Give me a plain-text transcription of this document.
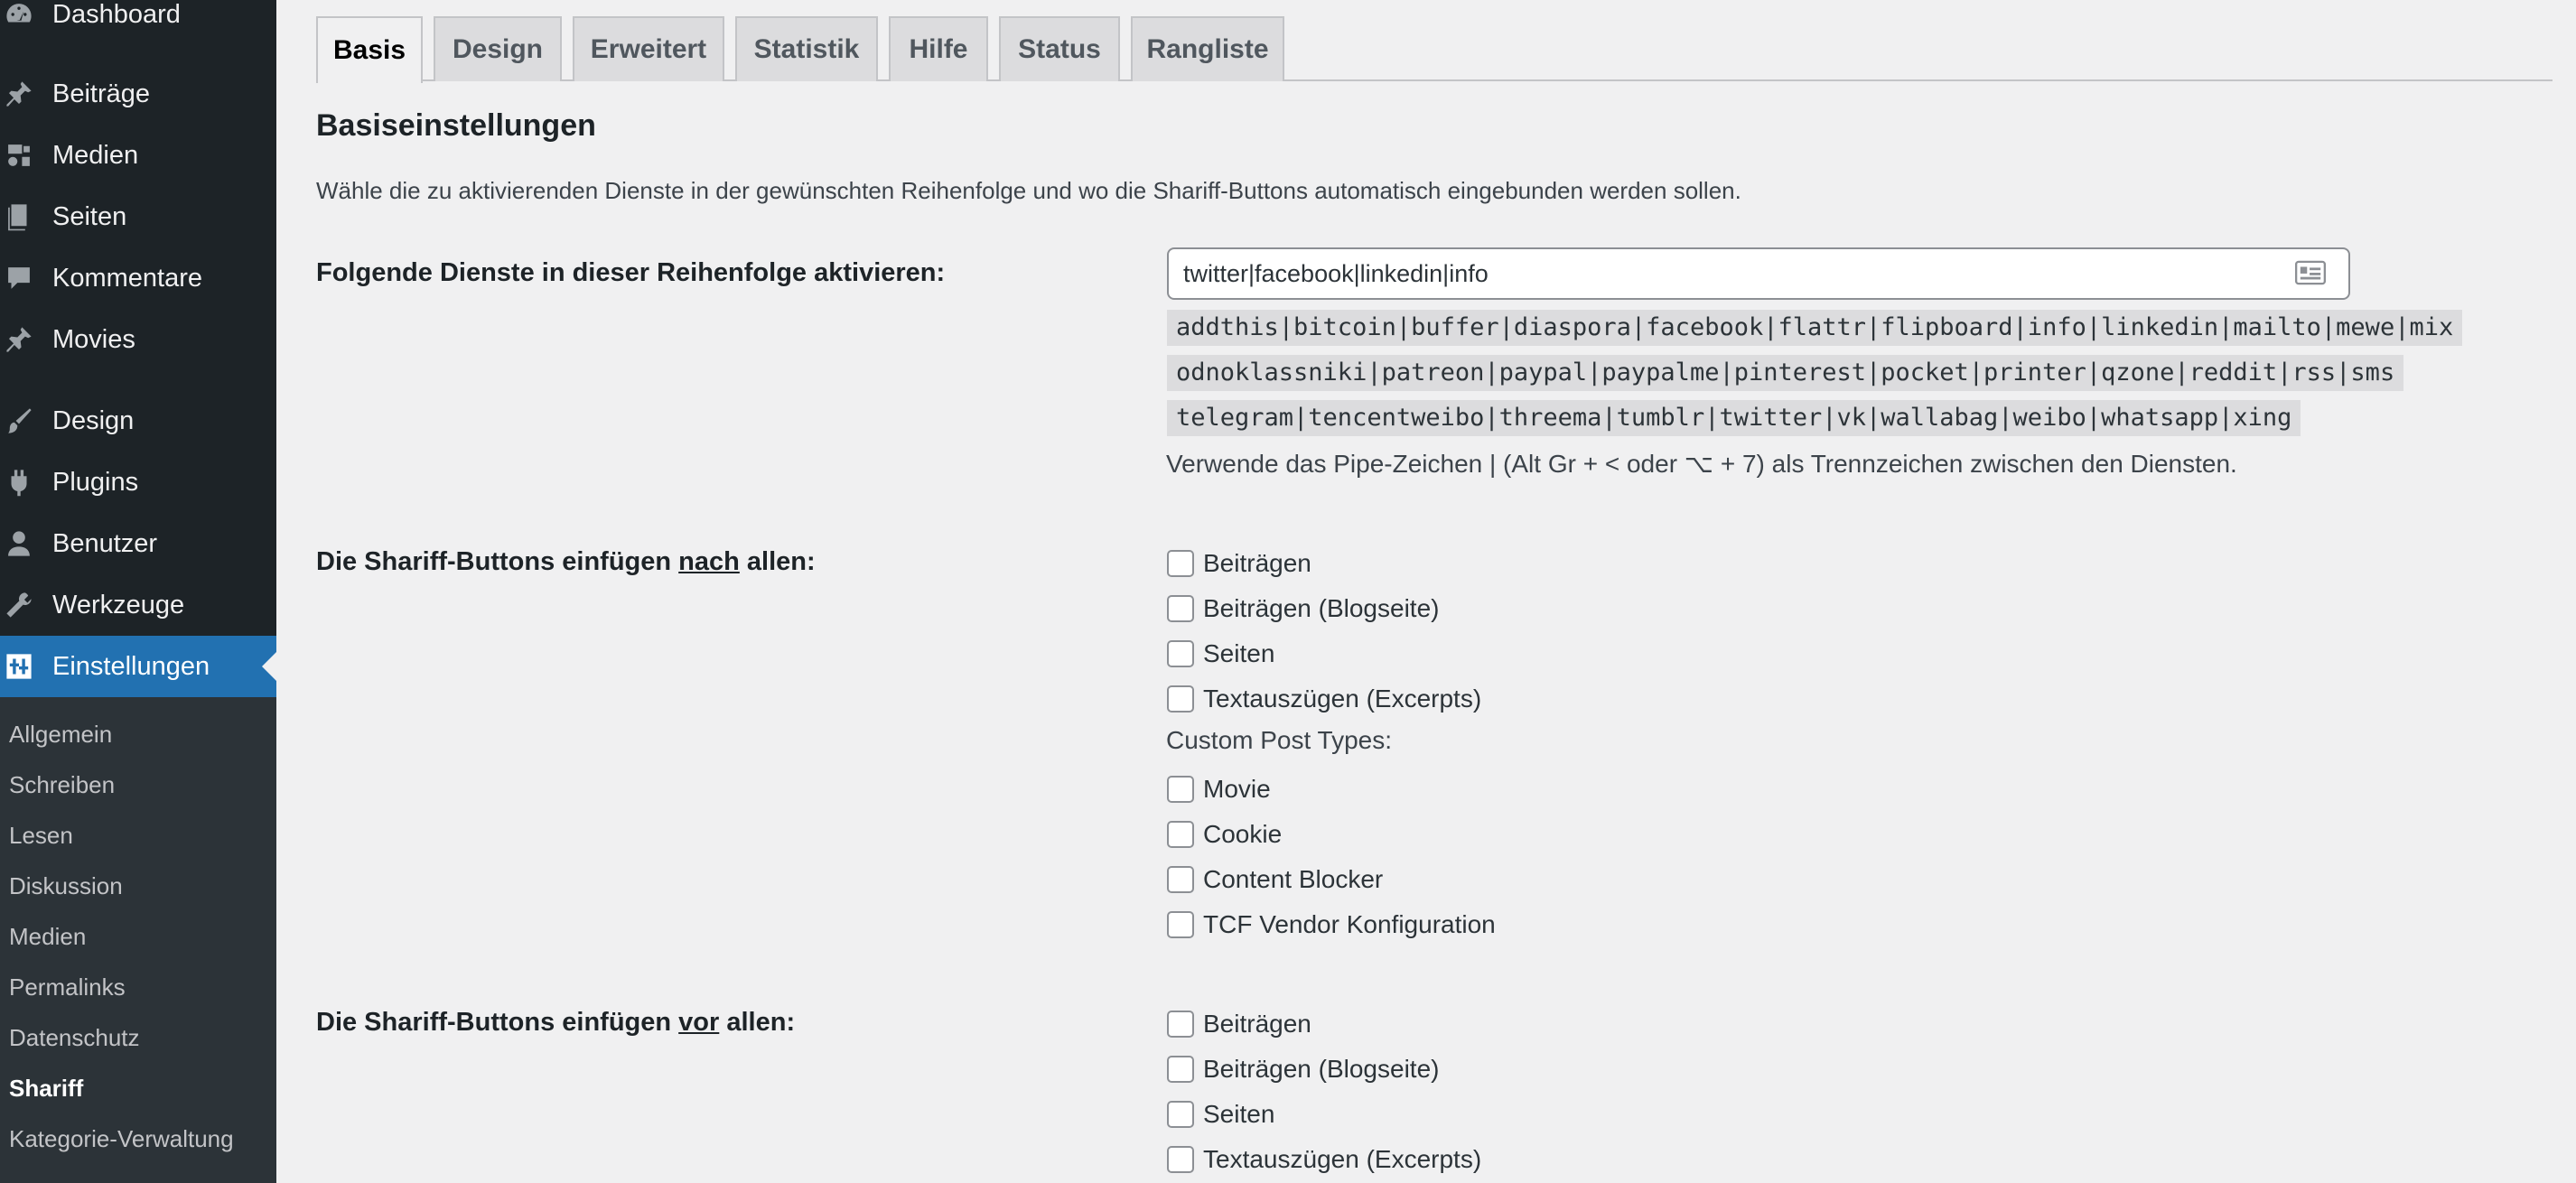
Dashboard
Beiträge
Medien
Seiten
Kommentare
Movies
Design
Plugins
Benutzer
Werkzeuge
Einstellungen
Allgemein
Schreiben
Lesen
Diskussion
Medien
Permalinks
Datenschutz
Shariff
Kategorie-Verwaltung
Basis	Design	Erweitert	Statistik	Hilfe	Status	Rangliste
Basiseinstellungen

Wähle die zu aktivierenden Dienste in der gewünschten Reihenfolge und wo die Shariff-Buttons automatisch eingebunden werden sollen.

Folgende Dienste in dieser Reihenfolge aktivieren:
twitter|facebook|linkedin|info
addthis|bitcoin|buffer|diaspora|facebook|flattr|flipboard|info|linkedin|mailto|mewe|mix
odnoklassniki|patreon|paypal|paypalme|pinterest|pocket|printer|qzone|reddit|rss|sms
telegram|tencentweibo|threema|tumblr|twitter|vk|wallabag|weibo|whatsapp|xing
Verwende das Pipe-Zeichen | (Alt Gr + < oder ⌥ + 7) als Trennzeichen zwischen den Diensten.
Die Shariff-Buttons einfügen nach allen:	Beiträgen
Beiträgen (Blogseite)
Seiten
Textauszügen (Excerpts)
Custom Post Types:
Movie
Cookie
Content Blocker
TCF Vendor Konfiguration
Die Shariff-Buttons einfügen vor allen:	Beiträgen
Beiträgen (Blogseite)
Seiten
Textauszügen (Excerpts)
